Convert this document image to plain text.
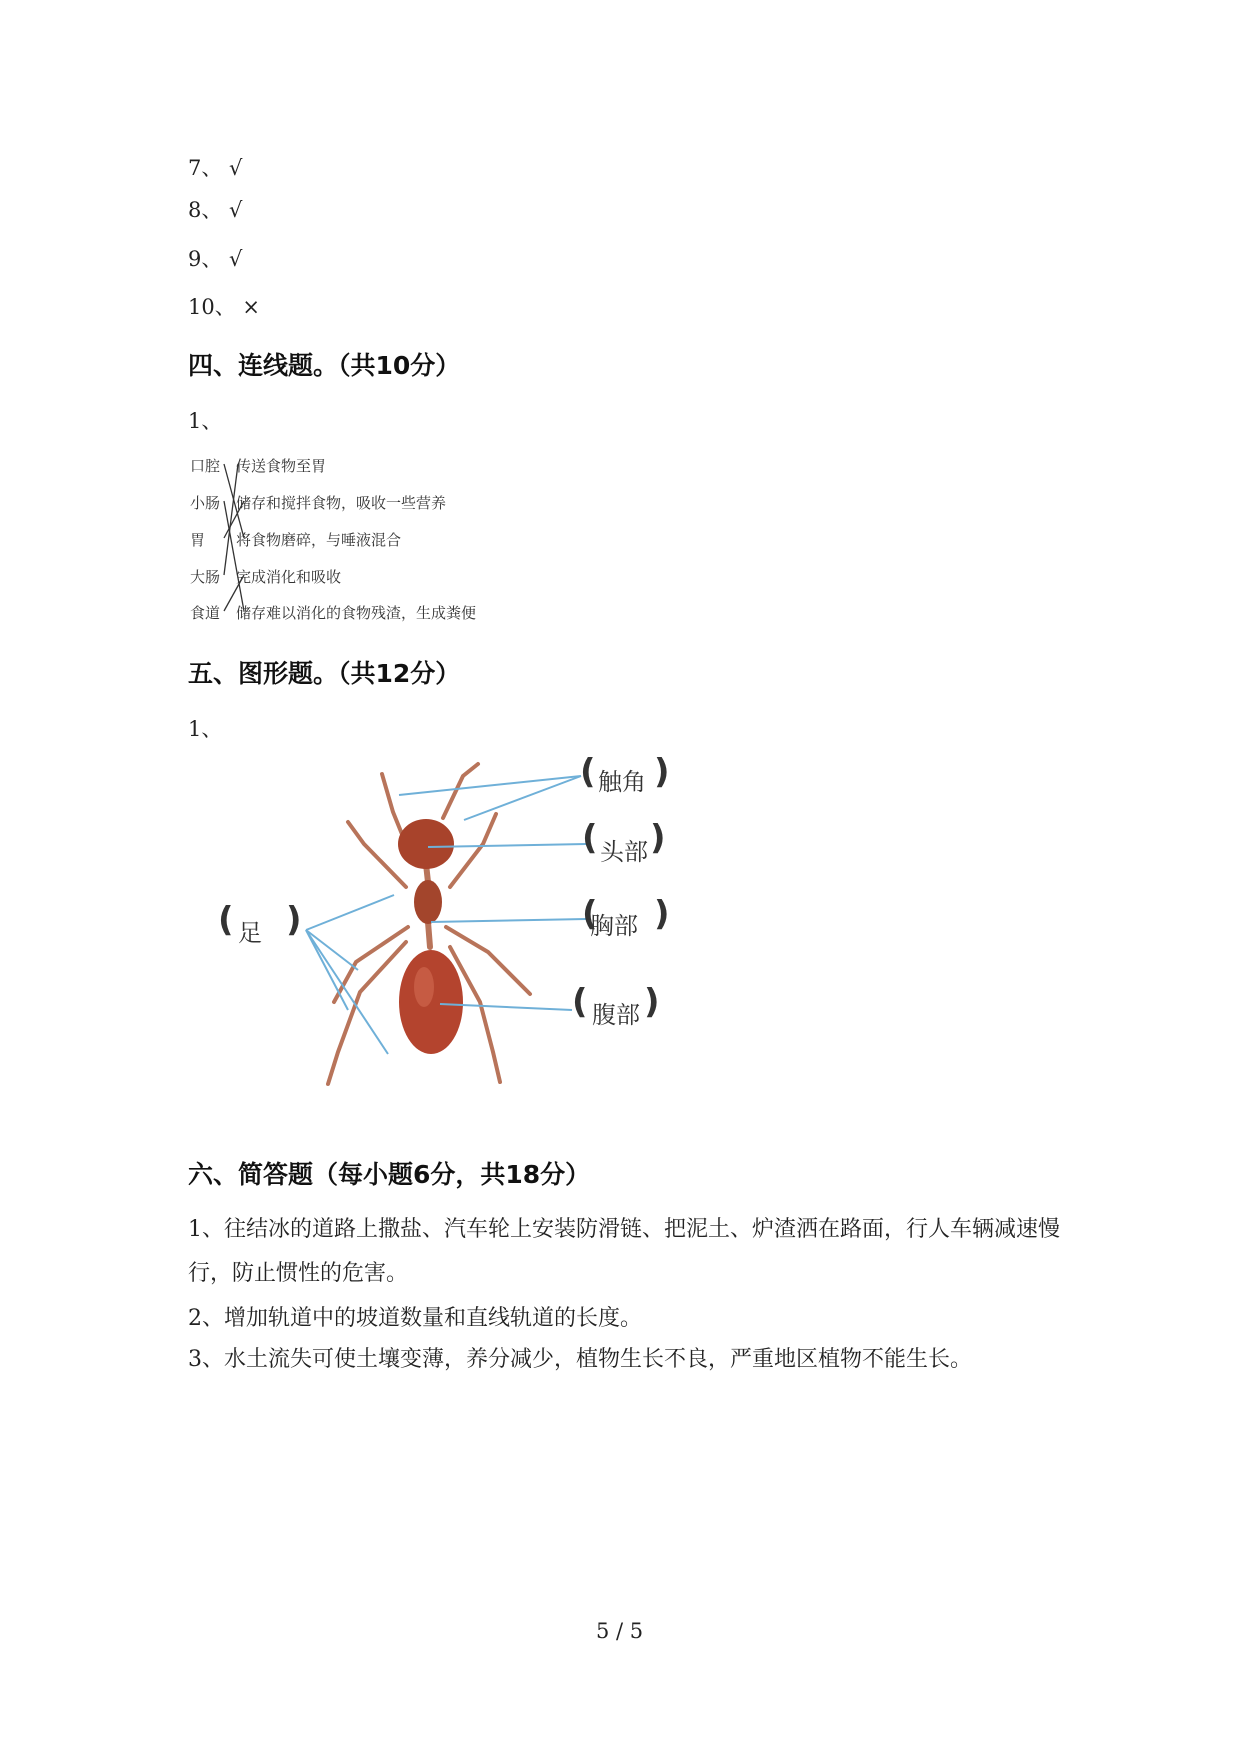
7、 √
8、 √
9、 √
10、 ×
四、连线题。（共10分）
1、
口腔
小肠
胃
大肠
食道
传送食物至胃
储存和搅拌食物，吸收一些营养
将食物磨碎，与唾液混合
完成消化和吸收
储存难以消化的食物残渣，生成粪便
五、图形题。（共12分）
1、
( 触角 )
( 头部 )
(
胸部 )
( 腹部 )
( 足 )
六、简答题（每小题6分，共18分）
1、往结冰的道路上撒盐、汽车轮上安装防滑链、把泥土、炉渣洒在路面，行人车辆减速慢行，防止惯性的危害。
2、增加轨道中的坡道数量和直线轨道的长度。
3、水土流失可使土壤变薄，养分减少，植物生长不良，严重地区植物不能生长。
5 / 5
